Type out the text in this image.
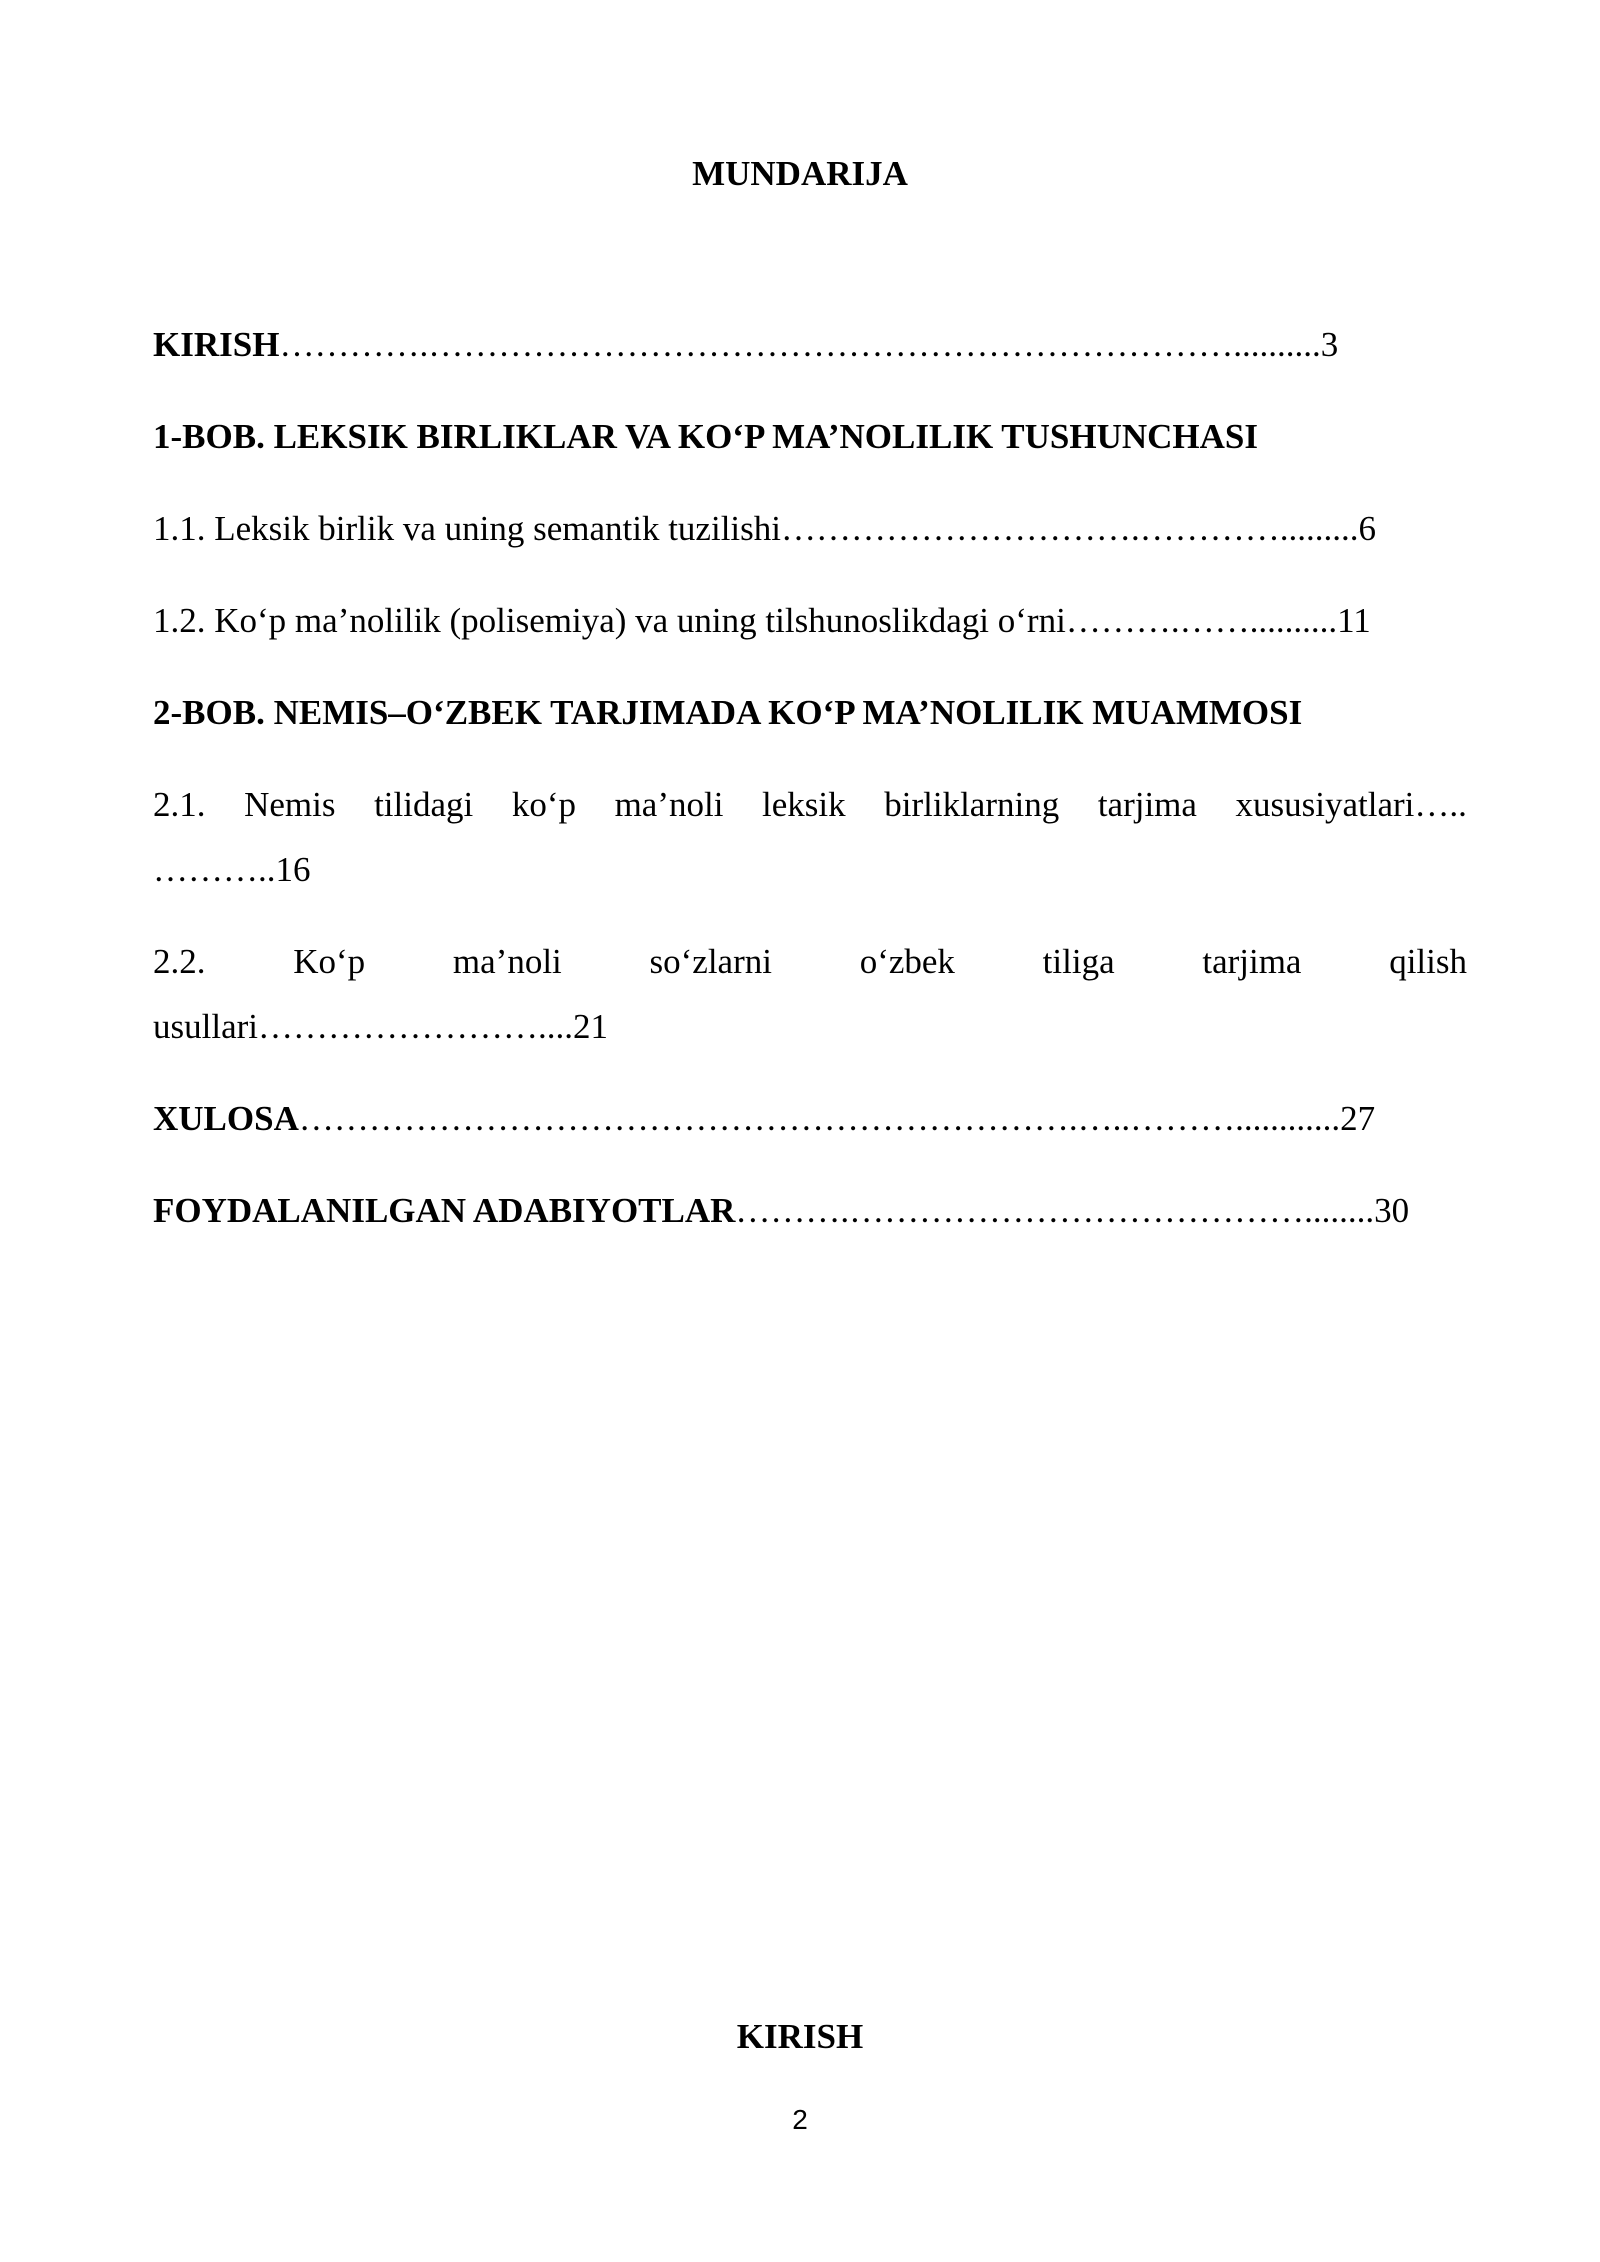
MUNDARIJA
KIRISH………….……………………………………………………………..........3
1-BOB. LEKSIK BIRLIKLAR VA KO‘P MA’NOLILIK TUSHUNCHASI
1.1. Leksik birlik va uning semantik tuzilishi………………………….………….........6
1.2. Ko‘p ma’nolilik (polisemiya) va uning tilshunoslikdagi o‘rni……….……..........11
2-BOB. NEMIS–O‘ZBEK TARJIMADA KO‘P MA’NOLILIK MUAMMOSI
2.1. Nemis tilidagi ko‘p ma’noli leksik birliklarning tarjima xususiyatlari…..
………..16
2.2.	Ko‘p	ma’noli	so‘zlarni	o‘zbek	tiliga	tarjima	qilish
usullari……………………....21
XULOSA………………………………………………………….…..………............27
FOYDALANILGAN ADABIYOTLAR……….…………………………………........30
KIRISH
2
